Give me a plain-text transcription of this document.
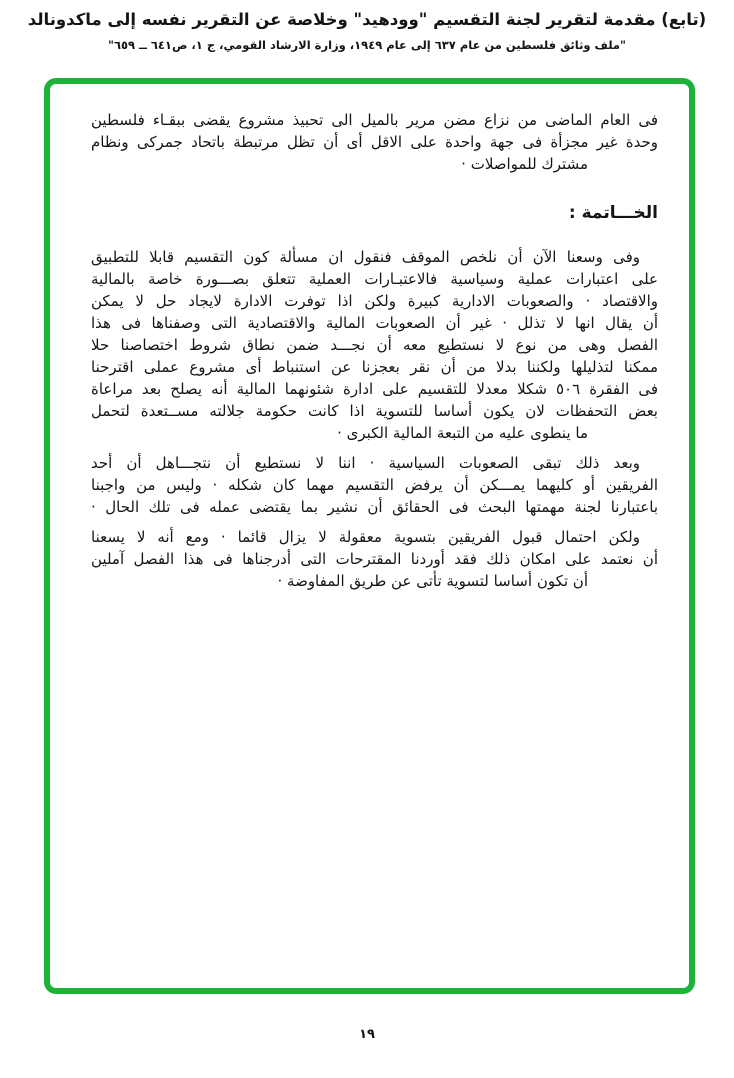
(تابع) مقدمة لتقرير لجنة التقسيم "وودهيد" وخلاصة عن التقرير نفسه إلى ماكدونالد
"ملف وثائق فلسطين من عام ٦٣٧ إلى عام ١٩٤٩، وزارة الارشاد القومي، ج ١، ص٦٤١ ــ ٦٥٩"
فى العام الماضى من نزاع مضن مرير بالميل الى تحبيذ مشروع يقضى ببقـاء فلسطين
وحدة غير مجزأة فى جهة واحدة على الاقل أى أن تظل مرتبطة باتحاد جمركى ونظام
مشترك للمواصلات ·
الخـــاتمة :
وفى وسعنا الآن أن نلخص الموقف فنقول ان مسألة كون التقسيم قابلا للتطبيق
على اعتبارات عملية وسياسية فالاعتبـارات العملية تتعلق بصـــورة خاصة بالمالية
والاقتصاد · والصعوبات الادارية كبيرة ولكن اذا توفرت الادارة لايجاد حل لا يمكن
أن يقال انها لا تذلل · غير أن الصعوبات المالية والاقتصادية التى وصفناها فى هذا
الفصل وهى من نوع لا نستطيع معه أن نجـــد ضمن نطاق شروط اختصاصنا حلا
ممكنا لتذليلها ولكننا بدلا من أن نقر بعجزنا عن استنباط أى مشروع عملى اقترحنا
فى الفقرة ٥٠٦ شكلا معدلا للتقسيم على ادارة شئونهما المالية أنه يصلح بعد مراعاة
بعض التحفظات لان يكون أساسا للتسوية اذا كانت حكومة جلالته مســتعدة لتحمل
ما ينطوى عليه من التبعة المالية الكبرى ·
وبعد ذلك تبقى الصعوبات السياسية · اننا لا نستطيع أن نتجـــاهل أن أحد
الفريقين أو كليهما يمـــكن أن يرفض التقسيم مهما كان شكله · وليس من واجبنا
باعتبارنا لجنة مهمتها البحث فى الحقائق أن نشير بما يقتضى عمله فى تلك الحال ·
ولكن احتمال قبول الفريقين بتسوية معقولة لا يزال قائما · ومع أنه لا يسعنا
أن نعتمد على امكان ذلك فقد أوردنا المقترحات التى أدرجناها فى هذا الفصل آملين
أن تكون أساسا لتسوية تأتى عن طريق المفاوضة ·
١٩
